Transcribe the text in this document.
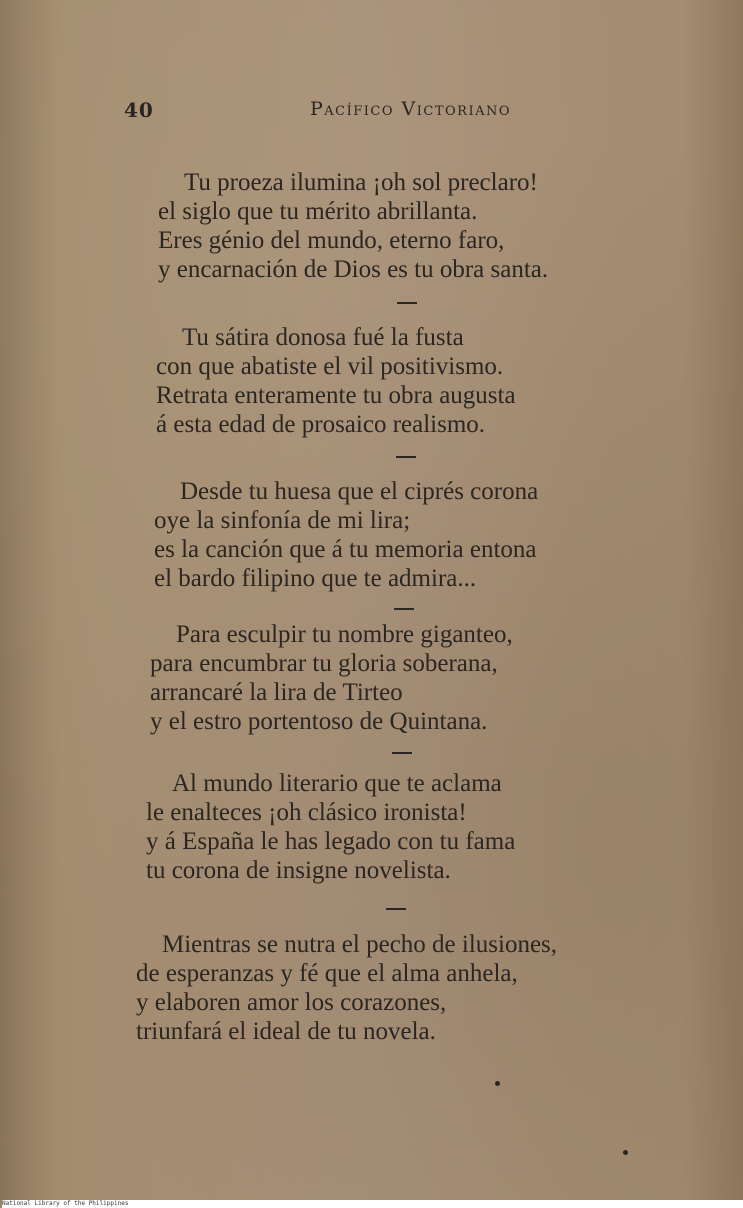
40	Pacífico Victoriano
Tu proeza ilumina ¡oh sol preclaro!
el siglo que tu mérito abrillanta.
Eres génio del mundo, eterno faro,
y encarnación de Dios es tu obra santa.
Tu sátira donosa fué la fusta
con que abatiste el vil positivismo.
Retrata enteramente tu obra augusta
á esta edad de prosaico realismo.
Desde tu huesa que el ciprés corona
oye la sinfonía de mi lira;
es la canción que á tu memoria entona
el bardo filipino que te admira...
Para esculpir tu nombre giganteo,
para encumbrar tu gloria soberana,
arrancaré la lira de Tirteo
y el estro portentoso de Quintana.
Al mundo literario que te aclama
le enalteces ¡oh clásico ironista!
y á España le has legado con tu fama
tu corona de insigne novelista.
Mientras se nutra el pecho de ilusiones,
de esperanzas y fé que el alma anhela,
y elaboren amor los corazones,
triunfará el ideal de tu novela.
National Library of the Philippines
